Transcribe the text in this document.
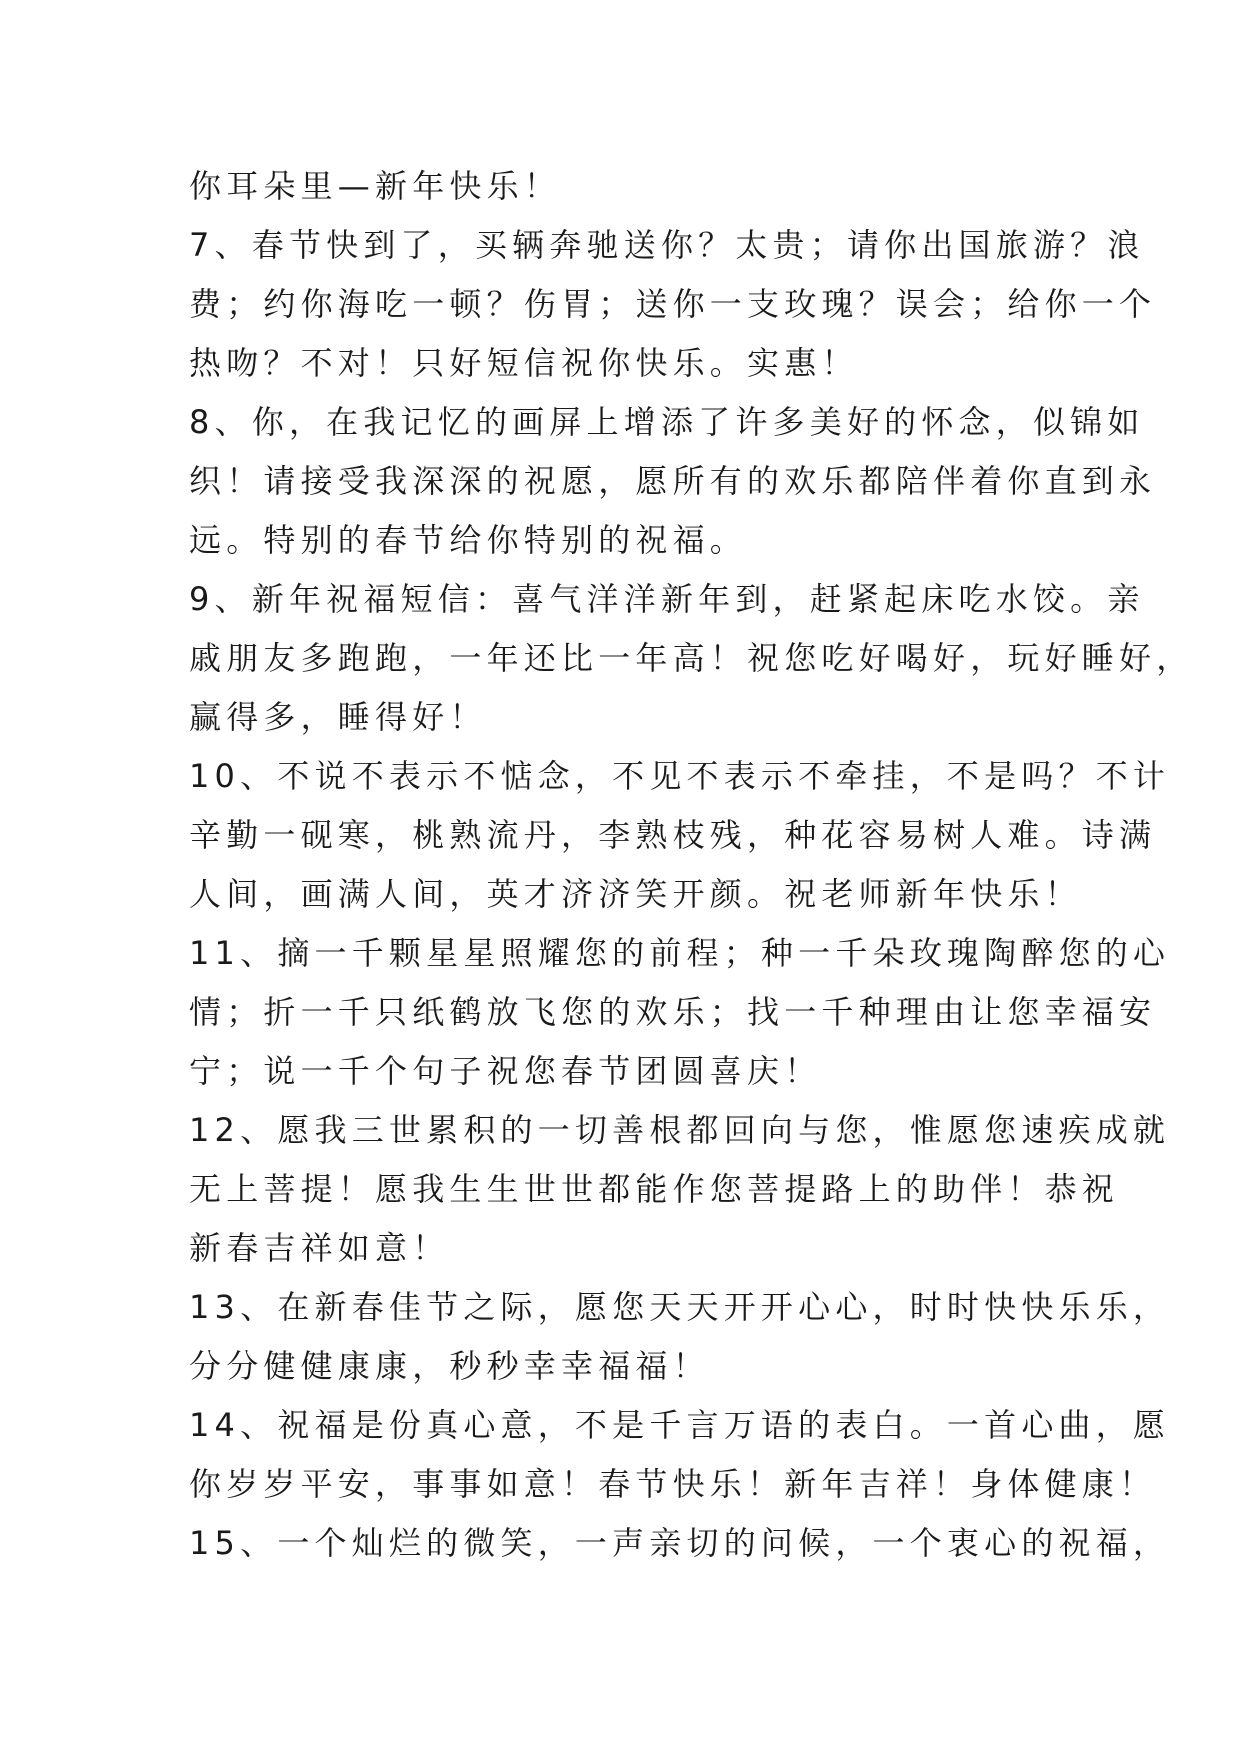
你耳朵里—新年快乐！
7、春节快到了，买辆奔驰送你？太贵；请你出国旅游？浪
费；约你海吃一顿？伤胃；送你一支玫瑰？误会；给你一个
热吻？不对！只好短信祝你快乐。实惠！
8、你，在我记忆的画屏上增添了许多美好的怀念，似锦如
织！请接受我深深的祝愿，愿所有的欢乐都陪伴着你直到永
远。特别的春节给你特别的祝福。
9、新年祝福短信：喜气洋洋新年到，赶紧起床吃水饺。亲
戚朋友多跑跑，一年还比一年高！祝您吃好喝好，玩好睡好，
赢得多，睡得好！
10、不说不表示不惦念，不见不表示不牵挂，不是吗？不计
辛勤一砚寒，桃熟流丹，李熟枝残，种花容易树人难。诗满
人间，画满人间，英才济济笑开颜。祝老师新年快乐！
11、摘一千颗星星照耀您的前程；种一千朵玫瑰陶醉您的心
情；折一千只纸鹤放飞您的欢乐；找一千种理由让您幸福安
宁；说一千个句子祝您春节团圆喜庆！
12、愿我三世累积的一切善根都回向与您，惟愿您速疾成就
无上菩提！愿我生生世世都能作您菩提路上的助伴！恭祝
新春吉祥如意！
13、在新春佳节之际，愿您天天开开心心，时时快快乐乐，
分分健健康康，秒秒幸幸福福！
14、祝福是份真心意，不是千言万语的表白。一首心曲，愿
你岁岁平安，事事如意！春节快乐！新年吉祥！身体健康！
15、一个灿烂的微笑，一声亲切的问候，一个衷心的祝福，
